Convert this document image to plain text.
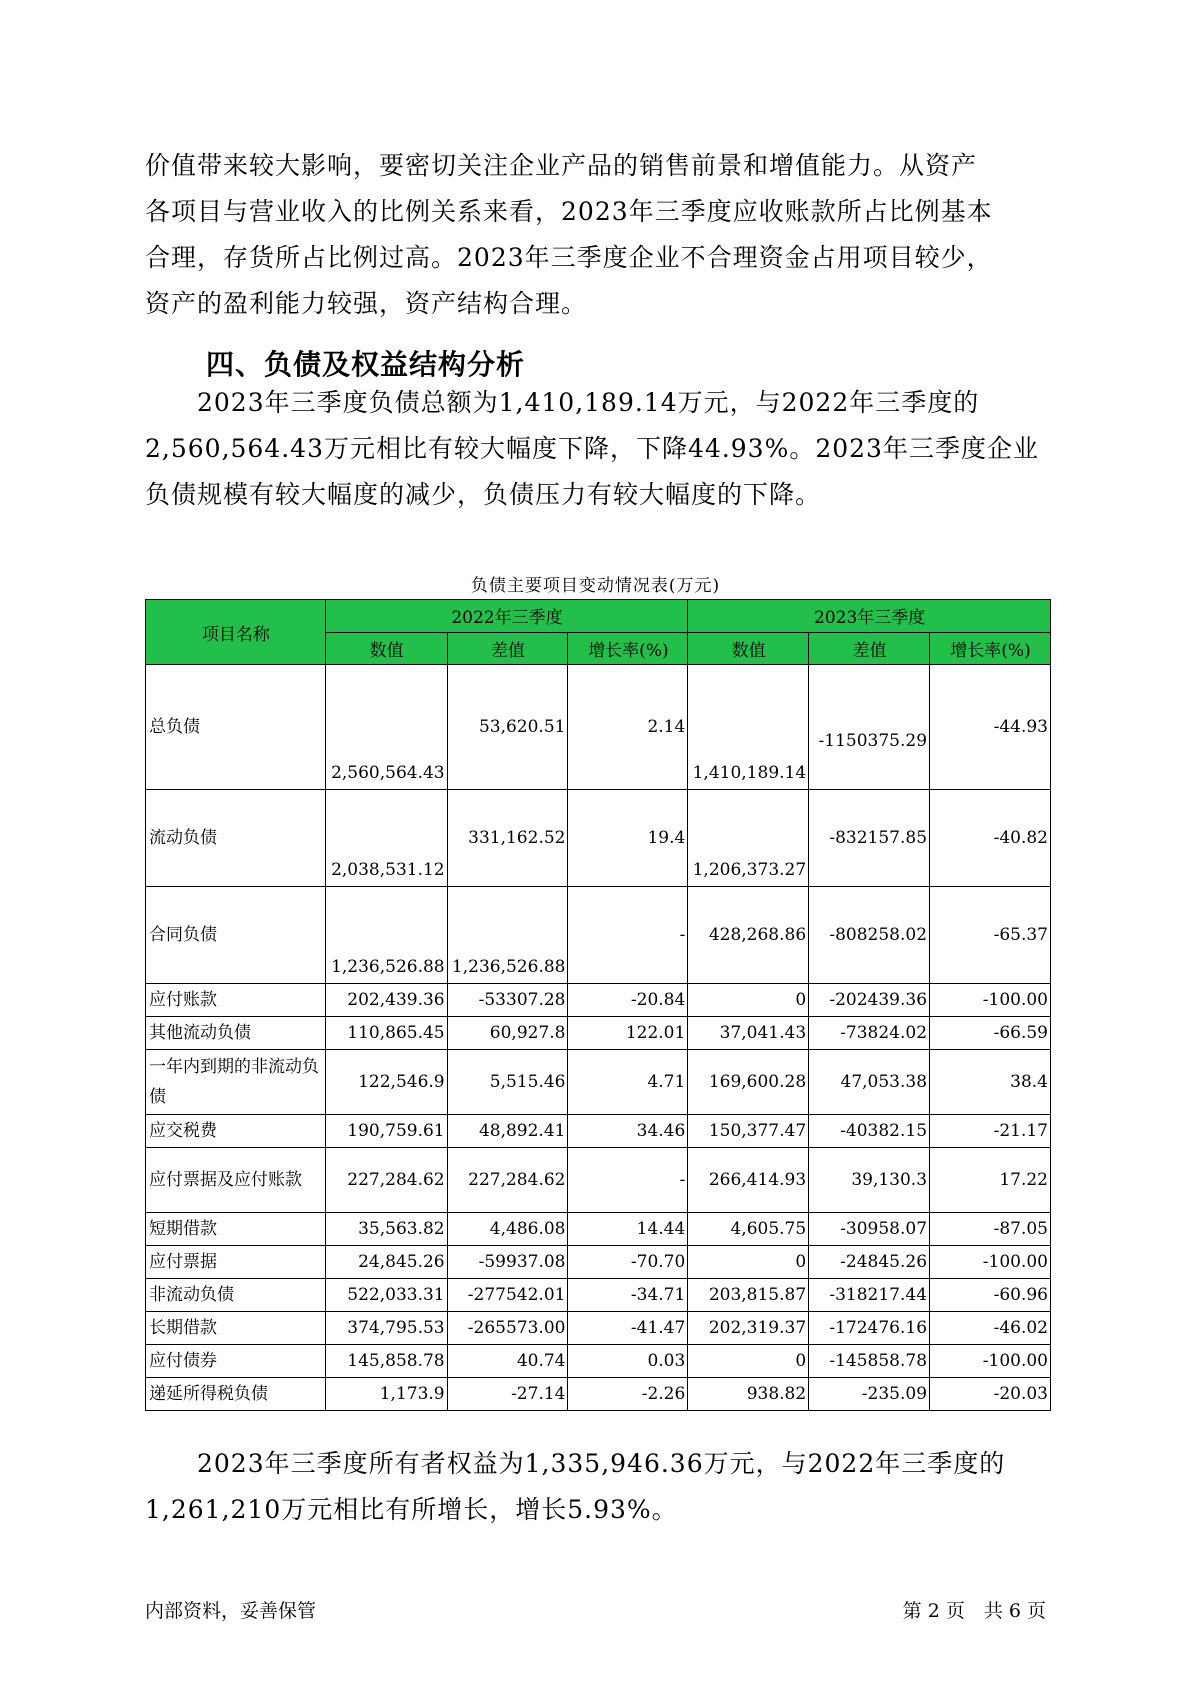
价值带来较大影响，要密切关注企业产品的销售前景和增值能力。从资产
各项目与营业收入的比例关系来看，2023年三季度应收账款所占比例基本
合理，存货所占比例过高。2023年三季度企业不合理资金占用项目较少，
资产的盈利能力较强，资产结构合理。
四、负债及权益结构分析
　　2023年三季度负债总额为1,410,189.14万元，与2022年三季度的
2,560,564.43万元相比有较大幅度下降，下降44.93%。2023年三季度企业
负债规模有较大幅度的减少，负债压力有较大幅度的下降。
负债主要项目变动情况表(万元)
项目名称	2022年三季度			2023年三季度		
	数值	差值	增长率(%)	数值	差值	增长率(%)
总负债	2,560,564.43	53,620.51	2.14	1,410,189.14	-1150375.29	-44.93
流动负债	2,038,531.12	331,162.52	19.4	1,206,373.27	-832157.85	-40.82
合同负债	1,236,526.88	1,236,526.88	-	428,268.86	-808258.02	-65.37
应付账款	202,439.36	-53307.28	-20.84	0	-202439.36	-100.00
其他流动负债	110,865.45	60,927.8	122.01	37,041.43	-73824.02	-66.59
一年内到期的非流动负债	122,546.9	5,515.46	4.71	169,600.28	47,053.38	38.4
应交税费	190,759.61	48,892.41	34.46	150,377.47	-40382.15	-21.17
应付票据及应付账款	227,284.62	227,284.62	-	266,414.93	39,130.3	17.22
短期借款	35,563.82	4,486.08	14.44	4,605.75	-30958.07	-87.05
应付票据	24,845.26	-59937.08	-70.70	0	-24845.26	-100.00
非流动负债	522,033.31	-277542.01	-34.71	203,815.87	-318217.44	-60.96
长期借款	374,795.53	-265573.00	-41.47	202,319.37	-172476.16	-46.02
应付债券	145,858.78	40.74	0.03	0	-145858.78	-100.00
递延所得税负债	1,173.9	-27.14	-2.26	938.82	-235.09	-20.03
　　2023年三季度所有者权益为1,335,946.36万元，与2022年三季度的
1,261,210万元相比有所增长，增长5.93%。
内部资料，妥善保管	第 2 页　共 6 页
